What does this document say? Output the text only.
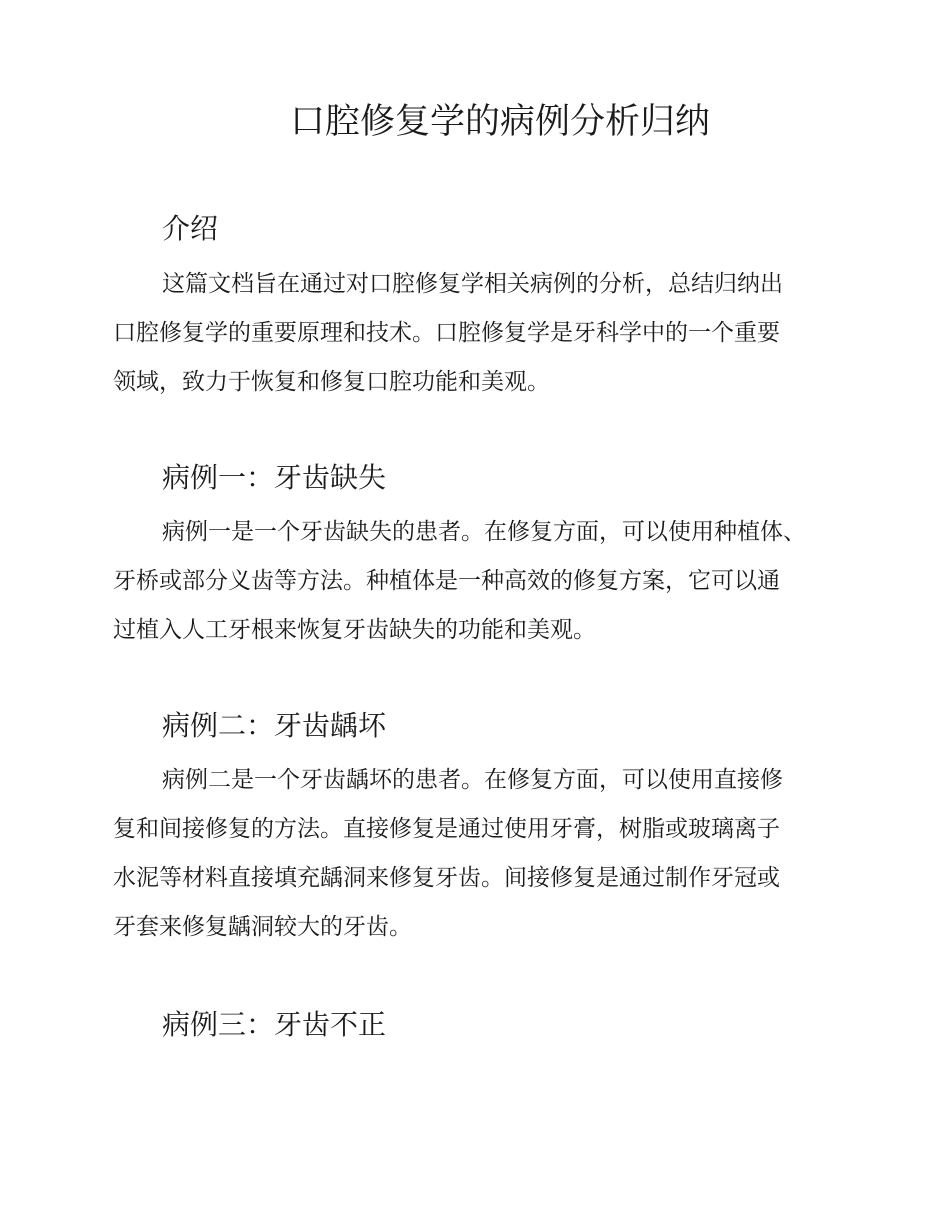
口腔修复学的病例分析归纳
介绍
这篇文档旨在通过对口腔修复学相关病例的分析，总结归纳出
口腔修复学的重要原理和技术。口腔修复学是牙科学中的一个重要
领域，致力于恢复和修复口腔功能和美观。
病例一：牙齿缺失
病例一是一个牙齿缺失的患者。在修复方面，可以使用种植体、
牙桥或部分义齿等方法。种植体是一种高效的修复方案，它可以通
过植入人工牙根来恢复牙齿缺失的功能和美观。
病例二：牙齿龋坏
病例二是一个牙齿龋坏的患者。在修复方面，可以使用直接修
复和间接修复的方法。直接修复是通过使用牙膏，树脂或玻璃离子
水泥等材料直接填充龋洞来修复牙齿。间接修复是通过制作牙冠或
牙套来修复龋洞较大的牙齿。
病例三：牙齿不正
